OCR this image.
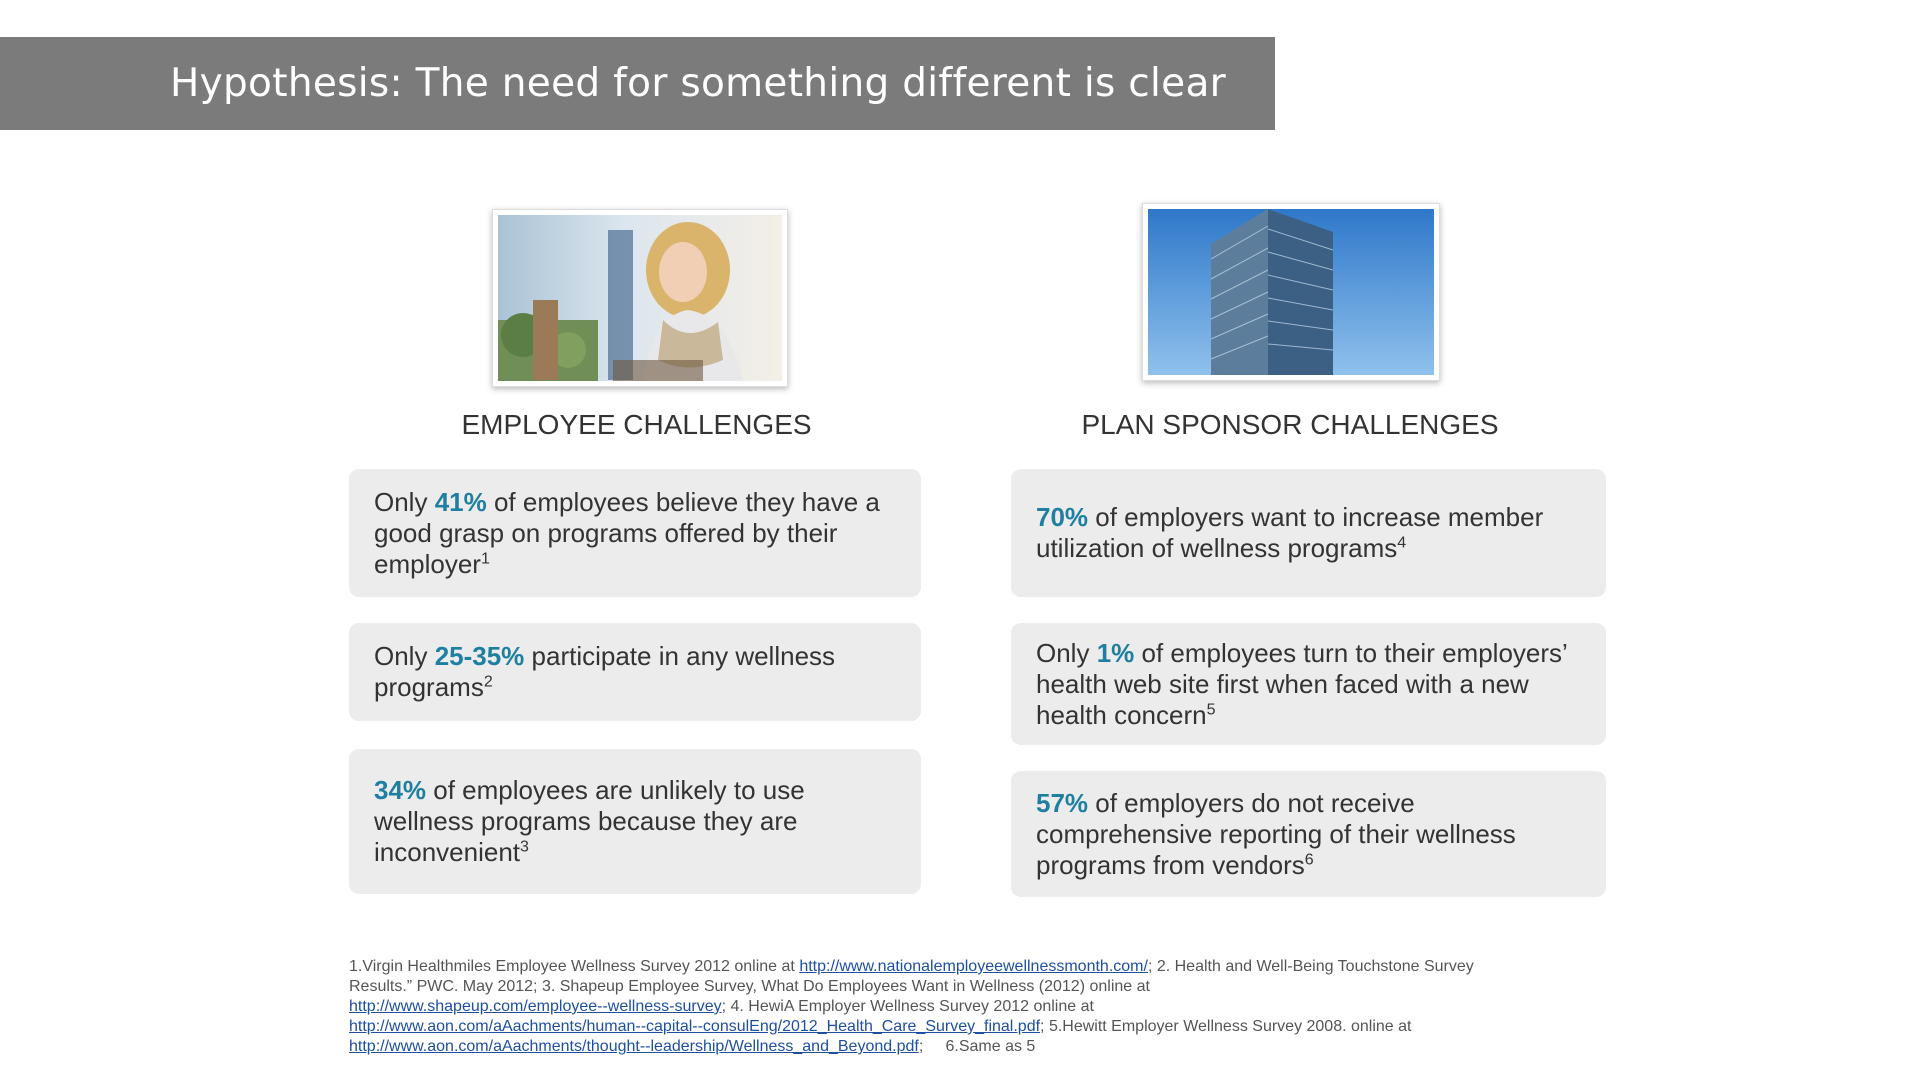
Hypothesis: The need for something different is clear
EMPLOYEE CHALLENGES	PLAN SPONSOR CHALLENGES

Only 41% of employees believe they have a good grasp on programs offered by their employer$^1$

Only 25-35% participate in any wellness programs$^2$

34% of employees are unlikely to use wellness programs because they are inconvenient$^3$

70% of employers want to increase member utilization of wellness programs$^4$

Only 1% of employees turn to their employers’ health web site first when faced with a new health concern$^5$

57% of employers do not receive comprehensive reporting of their wellness programs from vendors$^6$

1.Virgin Healthmiles Employee Wellness Survey 2012 online at http://www.nationalemployeewellnessmonth.com/; 2. Health and Well-Being Touchstone Survey Results.” PWC. May 2012; 3. Shapeup Employee Survey, What Do Employees Want in Wellness (2012) online at
http://www.shapeup.com/employee--wellness-survey; 4. HewiA Employer Wellness Survey 2012 online at
http://www.aon.com/aAachments/human--capital--consulEng/2012_Health_Care_Survey_final.pdf; 5.Hewitt Employer Wellness Survey 2008. online at
http://www.aon.com/aAachments/thought--leadership/Wellness_and_Beyond.pdf;     6.Same as 5
